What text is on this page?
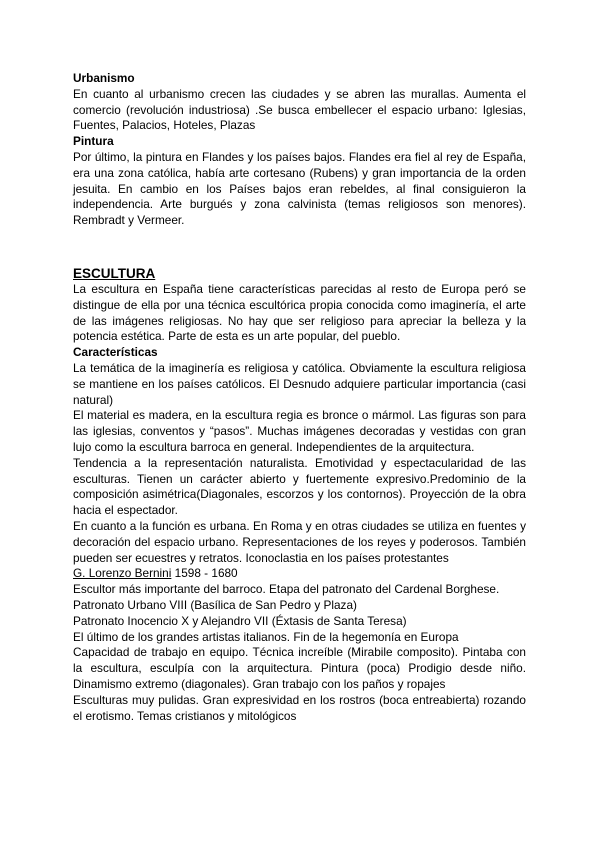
Urbanismo

En cuanto al urbanismo crecen las ciudades y se abren las murallas. Aumenta el comercio (revolución industriosa) .Se busca embellecer el espacio urbano: Iglesias, Fuentes, Palacios, Hoteles, Plazas

Pintura

Por último, la pintura en Flandes y los países bajos. Flandes era fiel al rey de España, era una zona católica, había arte cortesano (Rubens) y gran importancia de la orden jesuita. En cambio en los Países bajos eran rebeldes, al final consiguieron la independencia. Arte burgués y zona calvinista (temas religiosos son menores). Rembradt y Vermeer.

ESCULTURA

La escultura en España tiene características parecidas al resto de Europa peró se distingue de ella por una técnica escultórica propia conocida como imaginería, el arte de las imágenes religiosas. No hay que ser religioso para apreciar la belleza y la potencia estética. Parte de esta es un arte popular, del pueblo.

Características

La temática de la imaginería es religiosa y católica. Obviamente la escultura religiosa se mantiene en los países católicos. El Desnudo adquiere particular importancia (casi natural)

El material es madera, en la escultura regia es bronce o mármol. Las figuras son para las iglesias, conventos y “pasos”. Muchas imágenes decoradas y vestidas con gran lujo como la escultura barroca en general. Independientes de la arquitectura.

Tendencia a la representación naturalista. Emotividad y espectacularidad de las esculturas. Tienen un carácter abierto y fuertemente expresivo.Predominio de la composición asimétrica(Diagonales, escorzos y los contornos). Proyección de la obra hacia el espectador.

En cuanto a la función es urbana. En Roma y en otras ciudades se utiliza en fuentes y decoración del espacio urbano. Representaciones de los reyes y poderosos. También pueden ser ecuestres y retratos. Iconoclastia en los países protestantes

G. Lorenzo Bernini 1598 - 1680
Escultor más importante del barroco. Etapa del patronato del Cardenal Borghese.
Patronato Urbano VIII (Basílica de San Pedro y Plaza)
Patronato Inocencio X y Alejandro VII (Éxtasis de Santa Teresa)
El último de los grandes artistas italianos. Fin de la hegemonía en Europa

Capacidad de trabajo en equipo. Técnica increíble (Mirabile composito). Pintaba con la escultura, esculpía con la arquitectura. Pintura (poca) Prodigio desde niño. Dinamismo extremo (diagonales). Gran trabajo con los paños y ropajes

Esculturas muy pulidas. Gran expresividad en los rostros (boca entreabierta) rozando el erotismo. Temas cristianos y mitológicos
